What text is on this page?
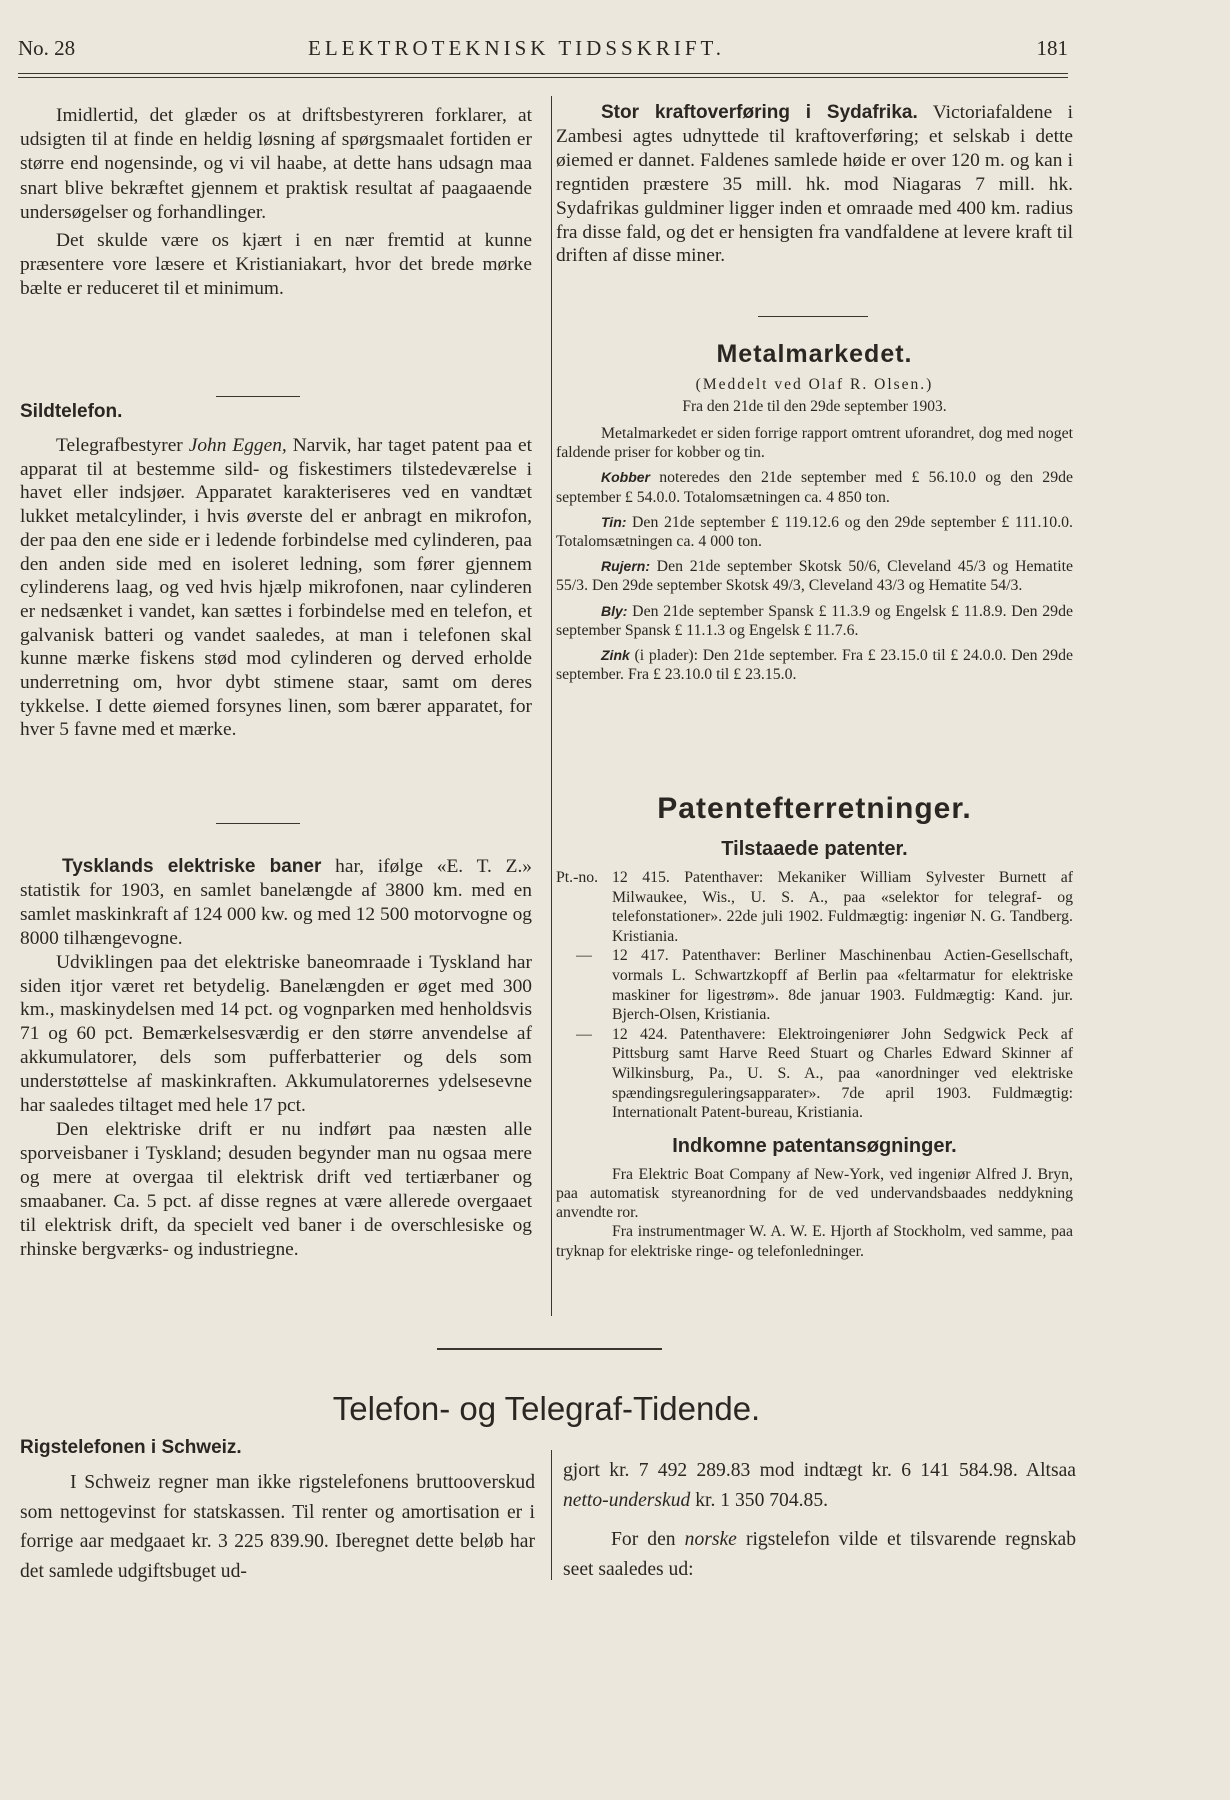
No. 28	ELEKTROTEKNISK TIDSSKRIFT.	181

Imidlertid, det glæder os at driftsbestyreren forklarer, at udsigten til at finde en heldig løsning af spørgsmaalet fortiden er større end nogensinde, og vi vil haabe, at dette hans udsagn maa snart blive bekræftet gjennem et praktisk resultat af paagaaende undersøgelser og forhandlinger.

Det skulde være os kjært i en nær fremtid at kunne præsentere vore læsere et Kristianiakart, hvor det brede mørke bælte er reduceret til et minimum.

Sildtelefon.

Telegrafbestyrer John Eggen, Narvik, har taget patent paa et apparat til at bestemme sild- og fiskestimers tilstedeværelse i havet eller indsjøer. Apparatet karakteriseres ved en vandtæt lukket metalcylinder, i hvis øverste del er anbragt en mikrofon, der paa den ene side er i ledende forbindelse med cylinderen, paa den anden side med en isoleret ledning, som fører gjennem cylinderens laag, og ved hvis hjælp mikrofonen, naar cylinderen er nedsænket i vandet, kan sættes i forbindelse med en telefon, et galvanisk batteri og vandet saaledes, at man i telefonen skal kunne mærke fiskens stød mod cylinderen og derved erholde underretning om, hvor dybt stimene staar, samt om deres tykkelse. I dette øiemed forsynes linen, som bærer apparatet, for hver 5 favne med et mærke.

Tysklands elektriske baner har, ifølge «E. T. Z.» statistik for 1903, en samlet banelængde af 3800 km. med en samlet maskinkraft af 124 000 kw. og med 12 500 motorvogne og 8000 tilhængevogne.

Udviklingen paa det elektriske baneomraade i Tyskland har siden itjor været ret betydelig. Banelængden er øget med 300 km., maskinydelsen med 14 pct. og vognparken med henholdsvis 71 og 60 pct. Bemærkelsesværdig er den større anvendelse af akkumulatorer, dels som pufferbatterier og dels som understøttelse af maskinkraften. Akkumulatorernes ydelsesevne har saaledes tiltaget med hele 17 pct.

Den elektriske drift er nu indført paa næsten alle sporveisbaner i Tyskland; desuden begynder man nu ogsaa mere og mere at overgaa til elektrisk drift ved tertiærbaner og smaabaner. Ca. 5 pct. af disse regnes at være allerede overgaaet til elektrisk drift, da specielt ved baner i de overschlesiske og rhinske bergværks- og industriegne.

Stor kraftoverføring i Sydafrika. Victoriafaldene i Zambesi agtes udnyttede til kraftoverføring; et selskab i dette øiemed er dannet. Faldenes samlede høide er over 120 m. og kan i regntiden præstere 35 mill. hk. mod Niagaras 7 mill. hk. Sydafrikas guldminer ligger inden et omraade med 400 km. radius fra disse fald, og det er hensigten fra vandfaldene at levere kraft til driften af disse miner.

Metalmarkedet.
(Meddelt ved Olaf R. Olsen.)
Fra den 21de til den 29de september 1903.

Metalmarkedet er siden forrige rapport omtrent uforandret, dog med noget faldende priser for kobber og tin.

Kobber noteredes den 21de september med £ 56.10.0 og den 29de september £ 54.0.0. Totalomsætningen ca. 4 850 ton.

Tin: Den 21de september £ 119.12.6 og den 29de september £ 111.10.0. Totalomsætningen ca. 4 000 ton.

Rujern: Den 21de september Skotsk 50/6, Cleveland 45/3 og Hematite 55/3. Den 29de september Skotsk 49/3, Cleveland 43/3 og Hematite 54/3.

Bly: Den 21de september Spansk £ 11.3.9 og Engelsk £ 11.8.9. Den 29de september Spansk £ 11.1.3 og Engelsk £ 11.7.6.

Zink (i plader): Den 21de september. Fra £ 23.15.0 til £ 24.0.0. Den 29de september. Fra £ 23.10.0 til £ 23.15.0.

Patentefterretninger.
Tilstaaede patenter.
Pt.-no. 12 415. Patenthaver: Mekaniker William Sylvester Burnett af Milwaukee, Wis., U. S. A., paa «selektor for telegraf- og telefonstationer». 22de juli 1902. Fuldmægtig: ingeniør N. G. Tandberg. Kristiania.
—	12 417. Patenthaver: Berliner Maschinenbau Actien-Gesellschaft, vormals L. Schwartzkopff af Berlin paa «feltarmatur for elektriske maskiner for ligestrøm». 8de januar 1903. Fuldmægtig: Kand. jur. Bjerch-Olsen, Kristiania.
—	12 424. Patenthavere: Elektroingeniører John Sedgwick Peck af Pittsburg samt Harve Reed Stuart og Charles Edward Skinner af Wilkinsburg, Pa., U. S. A., paa «anordninger ved elektriske spændingsreguleringsapparater». 7de april 1903. Fuldmægtig: Internationalt Patent-bureau, Kristiania.
Indkomne patentansøgninger.

Fra Elektric Boat Company af New-York, ved ingeniør Alfred J. Bryn, paa automatisk styreanordning for de ved undervandsbaades neddykning anvendte ror.

Fra instrumentmager W. A. W. E. Hjorth af Stockholm, ved samme, paa tryknap for elektriske ringe- og telefonledninger.

Telefon- og Telegraf-Tidende.
Rigstelefonen i Schweiz.

I Schweiz regner man ikke rigstelefonens bruttooverskud som nettogevinst for statskassen. Til renter og amortisation er i forrige aar medgaaet kr. 3 225 839.90. Iberegnet dette beløb har det samlede udgiftsbuget ud-

gjort kr. 7 492 289.83 mod indtægt kr. 6 141 584.98. Altsaa netto-underskud kr. 1 350 704.85.

For den norske rigstelefon vilde et tilsvarende regnskab seet saaledes ud:
